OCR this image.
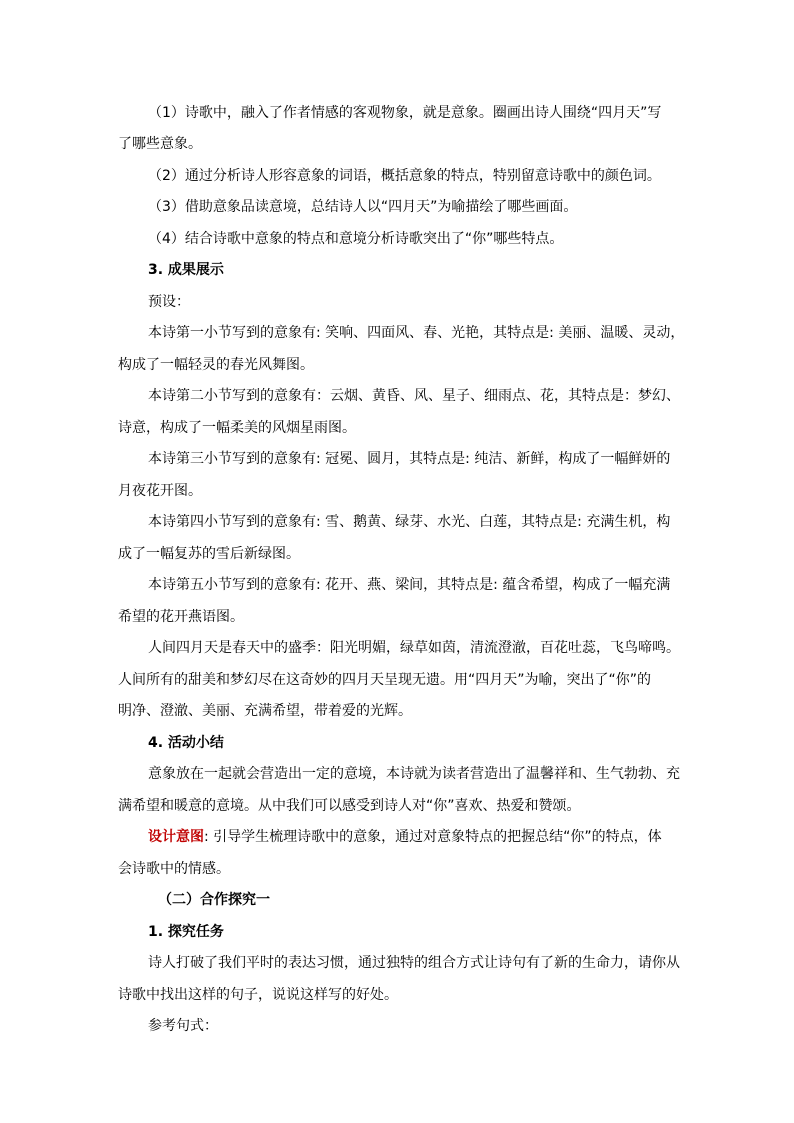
（1）诗歌中，融入了作者情感的客观物象，就是意象。圈画出诗人围绕“四月天”写
了哪些意象。
（2）通过分析诗人形容意象的词语，概括意象的特点，特别留意诗歌中的颜色词。
（3）借助意象品读意境，总结诗人以“四月天”为喻描绘了哪些画面。
（4）结合诗歌中意象的特点和意境分析诗歌突出了“你”哪些特点。
3. 成果展示
预设：
本诗第一小节写到的意象有: 笑响、四面风、春、光艳，其特点是: 美丽、温暖、灵动，
构成了一幅轻灵的春光风舞图。
本诗第二小节写到的意象有：云烟、黄昏、风、星子、细雨点、花，其特点是：梦幻、
诗意，构成了一幅柔美的风烟星雨图。
本诗第三小节写到的意象有: 冠冕、圆月，其特点是: 纯洁、新鲜，构成了一幅鲜妍的
月夜花开图。
本诗第四小节写到的意象有: 雪、鹅黄、绿芽、水光、白莲，其特点是: 充满生机，构
成了一幅复苏的雪后新绿图。
本诗第五小节写到的意象有: 花开、燕、梁间，其特点是: 蕴含希望，构成了一幅充满
希望的花开燕语图。
人间四月天是春天中的盛季：阳光明媚，绿草如茵，清流澄澈，百花吐蕊，飞鸟啼鸣。
人间所有的甜美和梦幻尽在这奇妙的四月天呈现无遗。用“四月天”为喻，突出了“你”的
明净、澄澈、美丽、充满希望，带着爱的光辉。
4. 活动小结
意象放在一起就会营造出一定的意境，本诗就为读者营造出了温馨祥和、生气勃勃、充
满希望和暖意的意境。从中我们可以感受到诗人对“你”喜欢、热爱和赞颂。
设计意图: 引导学生梳理诗歌中的意象，通过对意象特点的把握总结“你”的特点，体
会诗歌中的情感。
（二）合作探究一
1. 探究任务
诗人打破了我们平时的表达习惯，通过独特的组合方式让诗句有了新的生命力，请你从
诗歌中找出这样的句子，说说这样写的好处。
参考句式：
